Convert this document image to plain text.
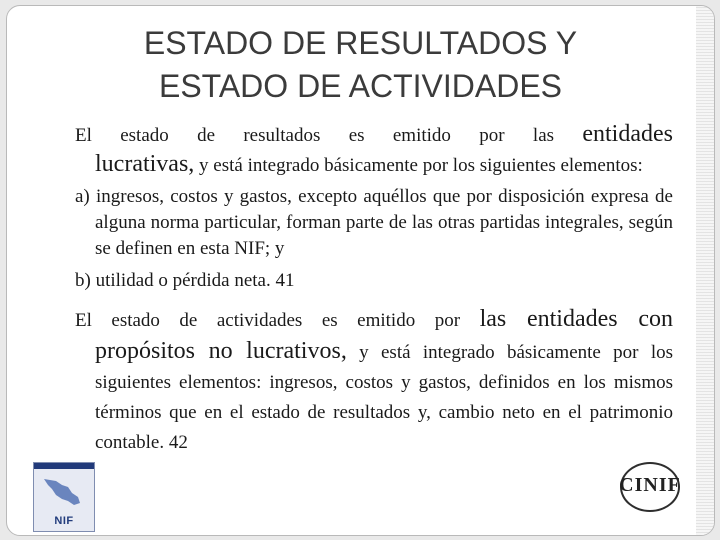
ESTADO DE RESULTADOS Y
ESTADO DE ACTIVIDADES

El estado de resultados es emitido por las entidades

lucrativas, y está integrado básicamente por los siguientes elementos:

a) ingresos, costos y gastos, excepto aquéllos que por disposición expresa de alguna norma particular, forman parte de las otras partidas integrales, según se definen en esta NIF; y

b) utilidad o pérdida neta. 41

El estado de actividades es emitido por las entidades con

propósitos no lucrativos, y está integrado básicamente por los siguientes elementos: ingresos, costos y gastos, definidos en los mismos términos que en el estado de resultados y, cambio neto en el patrimonio contable. 42

NIF
CINIF
